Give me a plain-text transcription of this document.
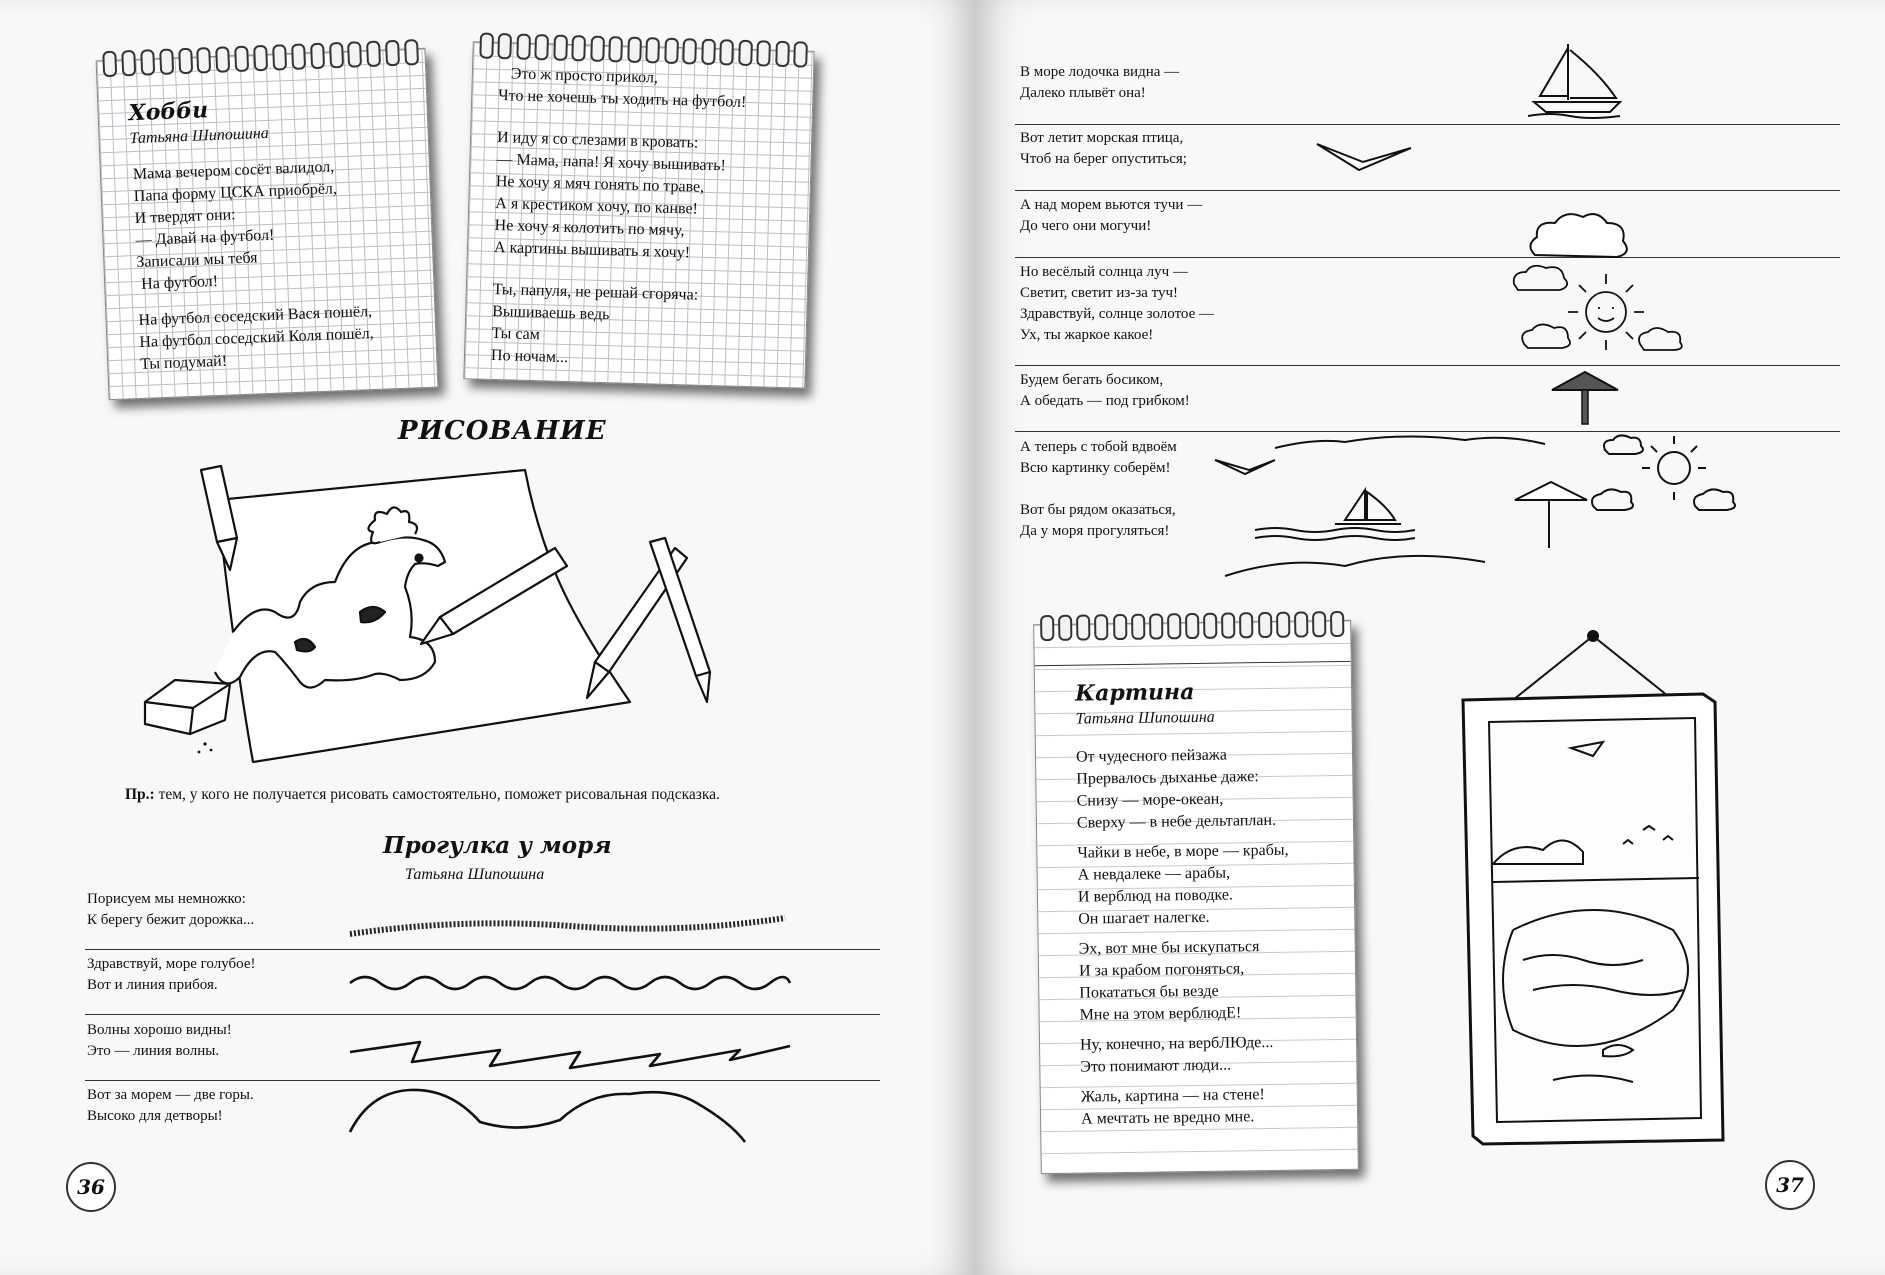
Хобби
Татьяна Шипошина
Мама вечером сосёт валидол,
Папа форму ЦСКА приобрёл,
И твердят они:
— Давай на футбол!
Записали мы тебя
На футбол!
На футбол соседский Вася пошёл,
На футбол соседский Коля пошёл,
Ты подумай!
Это ж просто прикол,
Что не хочешь ты ходить на футбол!
И иду я со слезами в кровать:
— Мама, папа! Я хочу вышивать!
Не хочу я мяч гонять по траве,
А я крестиком хочу, по канве!
Не хочу я колотить по мячу,
А картины вышивать я хочу!
Ты, папуля, не решай сгоряча:
Вышиваешь ведь
Ты сам
По ночам...
РИСОВАНИЕ
Пр.: тем, у кого не получается рисовать самостоятельно, поможет рисовальная подсказка.
Прогулка у моря
Татьяна Шипошина
Порисуем мы немножко:
К берегу бежит дорожка...
Здравствуй, море голубое!
Вот и линия прибоя.
Волны хорошо видны!
Это — линия волны.
Вот за морем — две горы.
Высоко для детворы!
36
В море лодочка видна —
Далеко плывёт она!
Вот летит морская птица,
Чтоб на берег опуститься;
А над морем вьются тучи —
До чего они могучи!
Но весёлый солнца луч —
Светит, светит из-за туч!
Здравствуй, солнце золотое —
Ух, ты жаркое какое!
Будем бегать босиком,
А обедать — под грибком!
А теперь с тобой вдвоём
Всю картинку соберём!

Вот бы рядом оказаться,
Да у моря прогуляться!
Картина
Татьяна Шипошина
От чудесного пейзажа
Прервалось дыханье даже:
Снизу — море-океан,
Сверху — в небе дельтаплан.
Чайки в небе, в море — крабы,
А невдалеке — арабы,
И верблюд на поводке.
Он шагает налегке.
Эх, вот мне бы искупаться
И за крабом погоняться,
Покататься бы везде
Мне на этом верблюдЕ!
Ну, конечно, на вербЛЮде...
Это понимают люди...
Жаль, картина — на стене!
А мечтать не вредно мне.
37
